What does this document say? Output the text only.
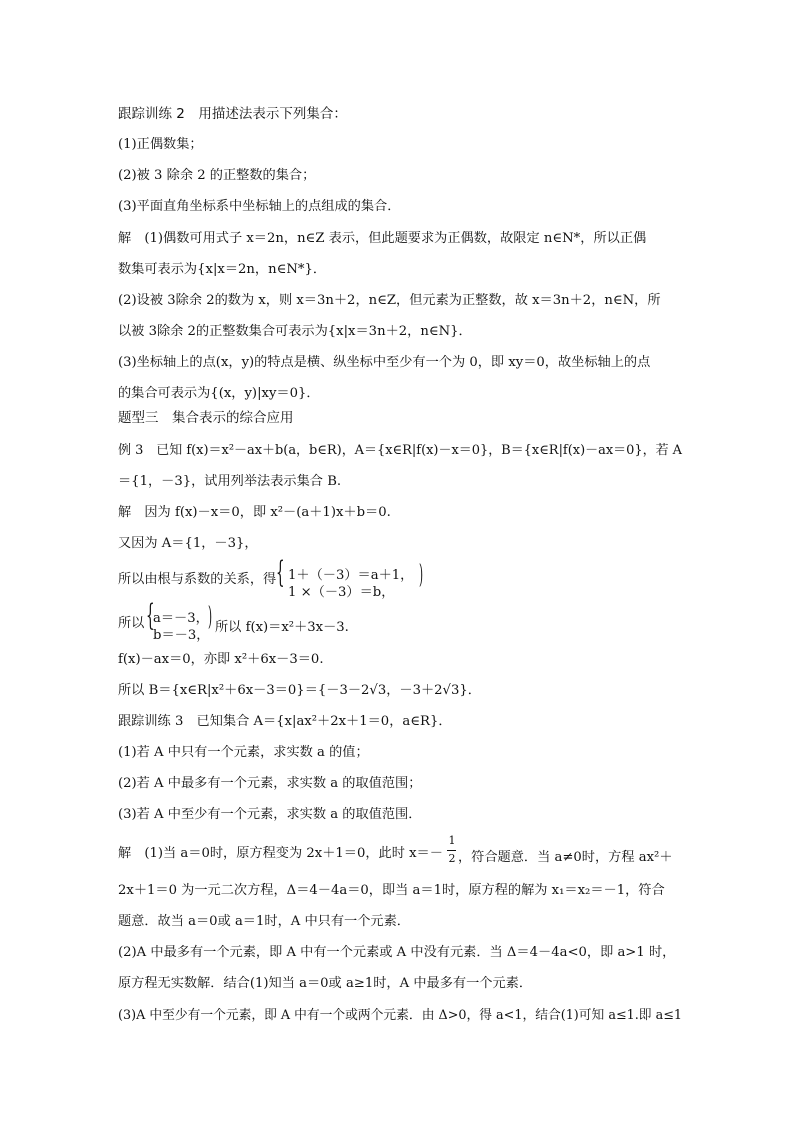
跟踪训练 2　用描述法表示下列集合：
(1)正偶数集；
(2)被 3 除余 2 的正整数的集合；
(3)平面直角坐标系中坐标轴上的点组成的集合．
解　(1)偶数可用式子 x＝2n，n∈Z 表示，但此题要求为正偶数，故限定 n∈N*，所以正偶
数集可表示为{x|x＝2n，n∈N*}．
(2)设被 3除余 2的数为 x，则 x＝3n＋2，n∈Z，但元素为正整数，故 x＝3n＋2，n∈N，所
以被 3除余 2的正整数集合可表示为{x|x＝3n＋2，n∈N}．
(3)坐标轴上的点(x，y)的特点是横、纵坐标中至少有一个为 0，即 xy＝0，故坐标轴上的点
的集合可表示为{(x，y)|xy＝0}．
题型三　集合表示的综合应用
例 3　已知 f(x)＝x²－ax＋b(a，b∈R)，A＝{x∈R|f(x)－x＝0}，B＝{x∈R|f(x)－ax＝0}，若 A
＝{1，－3}，试用列举法表示集合 B.
解　因为 f(x)－x＝0，即 x²－(a＋1)x＋b＝0.
又因为 A＝{1，－3}，
所以由根与系数的关系，得 { 1＋（－3）＝a＋1，
1 ×（－3）＝b，
)
所以 {
a＝－3，
b＝－3，
) 所以 f(x)＝x²＋3x－3.
f(x)－ax＝0，亦即 x²＋6x－3＝0.
所以 B＝{x∈R|x²＋6x－3＝0}＝{－3－2√3，－3＋2√3}．
跟踪训练 3　已知集合 A＝{x|ax²＋2x＋1＝0，a∈R}．
(1)若 A 中只有一个元素，求实数 a 的值；
(2)若 A 中最多有一个元素，求实数 a 的取值范围；
(3)若 A 中至少有一个元素，求实数 a 的取值范围．
解　(1)当 a＝0时，原方程变为 2x＋1＝0，此时 x＝－
1
2 ，符合题意．当 a≠0时，方程 ax²＋
2x＋1＝0 为一元二次方程，Δ＝4－4a＝0，即当 a＝1时，原方程的解为 x₁＝x₂＝－1，符合
题意．故当 a＝0或 a＝1时，A 中只有一个元素．
(2)A 中最多有一个元素，即 A 中有一个元素或 A 中没有元素．当 Δ＝4－4a<0，即 a>1 时，
原方程无实数解．结合(1)知当 a＝0或 a≥1时，A 中最多有一个元素．
(3)A 中至少有一个元素，即 A 中有一个或两个元素．由 Δ>0，得 a<1，结合(1)可知 a≤1.即 a≤1
